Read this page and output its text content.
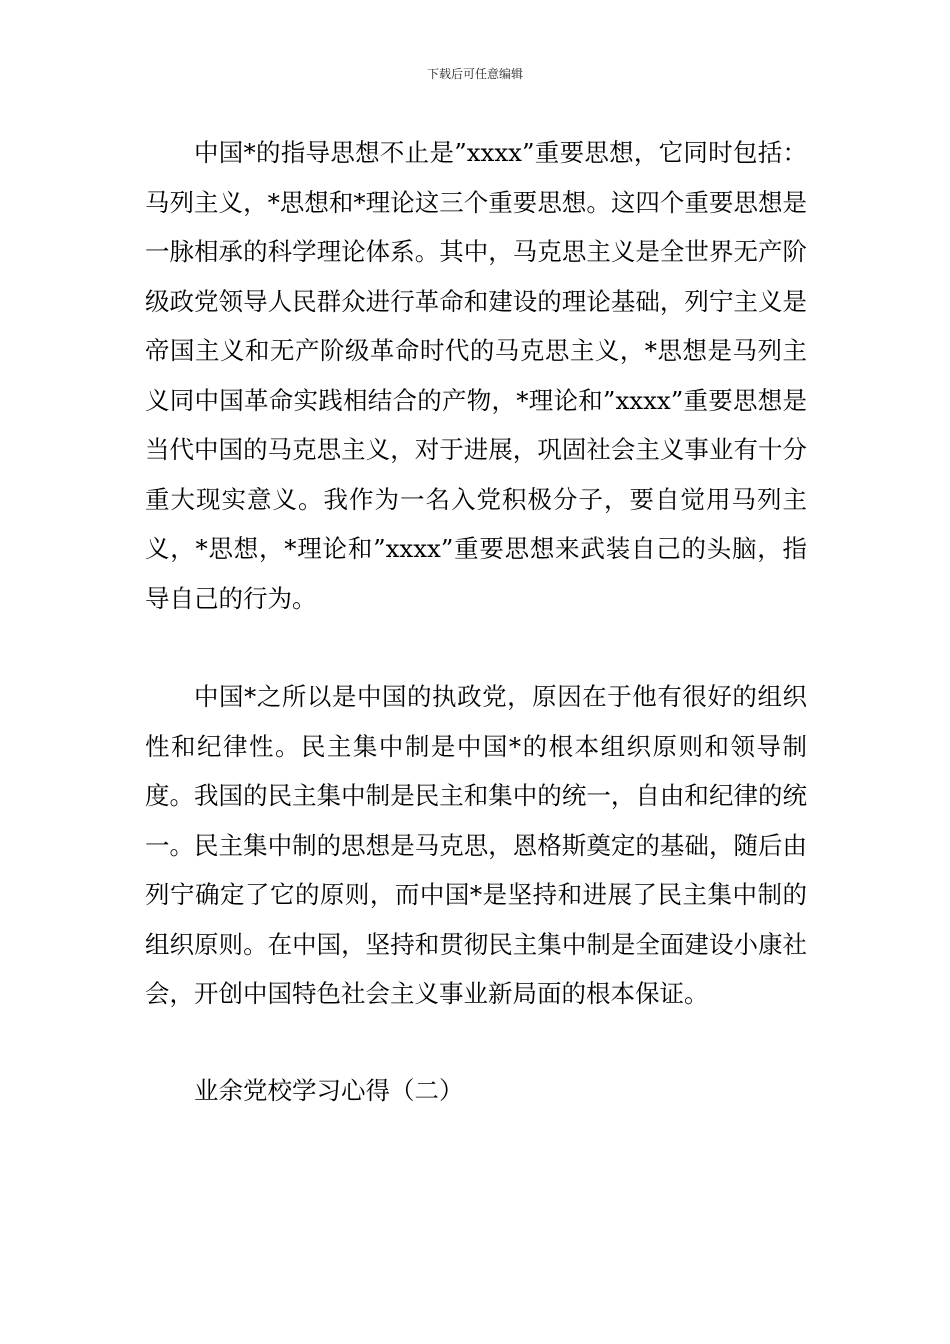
下载后可任意编辑

中国*的指导思想不止是”xxxx”重要思想，它同时包括：马列主义，*思想和*理论这三个重要思想。这四个重要思想是一脉相承的科学理论体系。其中，马克思主义是全世界无产阶级政党领导人民群众进行革命和建设的理论基础，列宁主义是帝国主义和无产阶级革命时代的马克思主义，*思想是马列主义同中国革命实践相结合的产物，*理论和”xxxx”重要思想是当代中国的马克思主义，对于进展，巩固社会主义事业有十分重大现实意义。我作为一名入党积极分子，要自觉用马列主义，*思想，*理论和”xxxx”重要思想来武装自己的头脑，指导自己的行为。

中国*之所以是中国的执政党，原因在于他有很好的组织性和纪律性。民主集中制是中国*的根本组织原则和领导制度。我国的民主集中制是民主和集中的统一，自由和纪律的统一。民主集中制的思想是马克思，恩格斯奠定的基础，随后由列宁确定了它的原则，而中国*是坚持和进展了民主集中制的组织原则。在中国，坚持和贯彻民主集中制是全面建设小康社会，开创中国特色社会主义事业新局面的根本保证。

业余党校学习心得（二）
